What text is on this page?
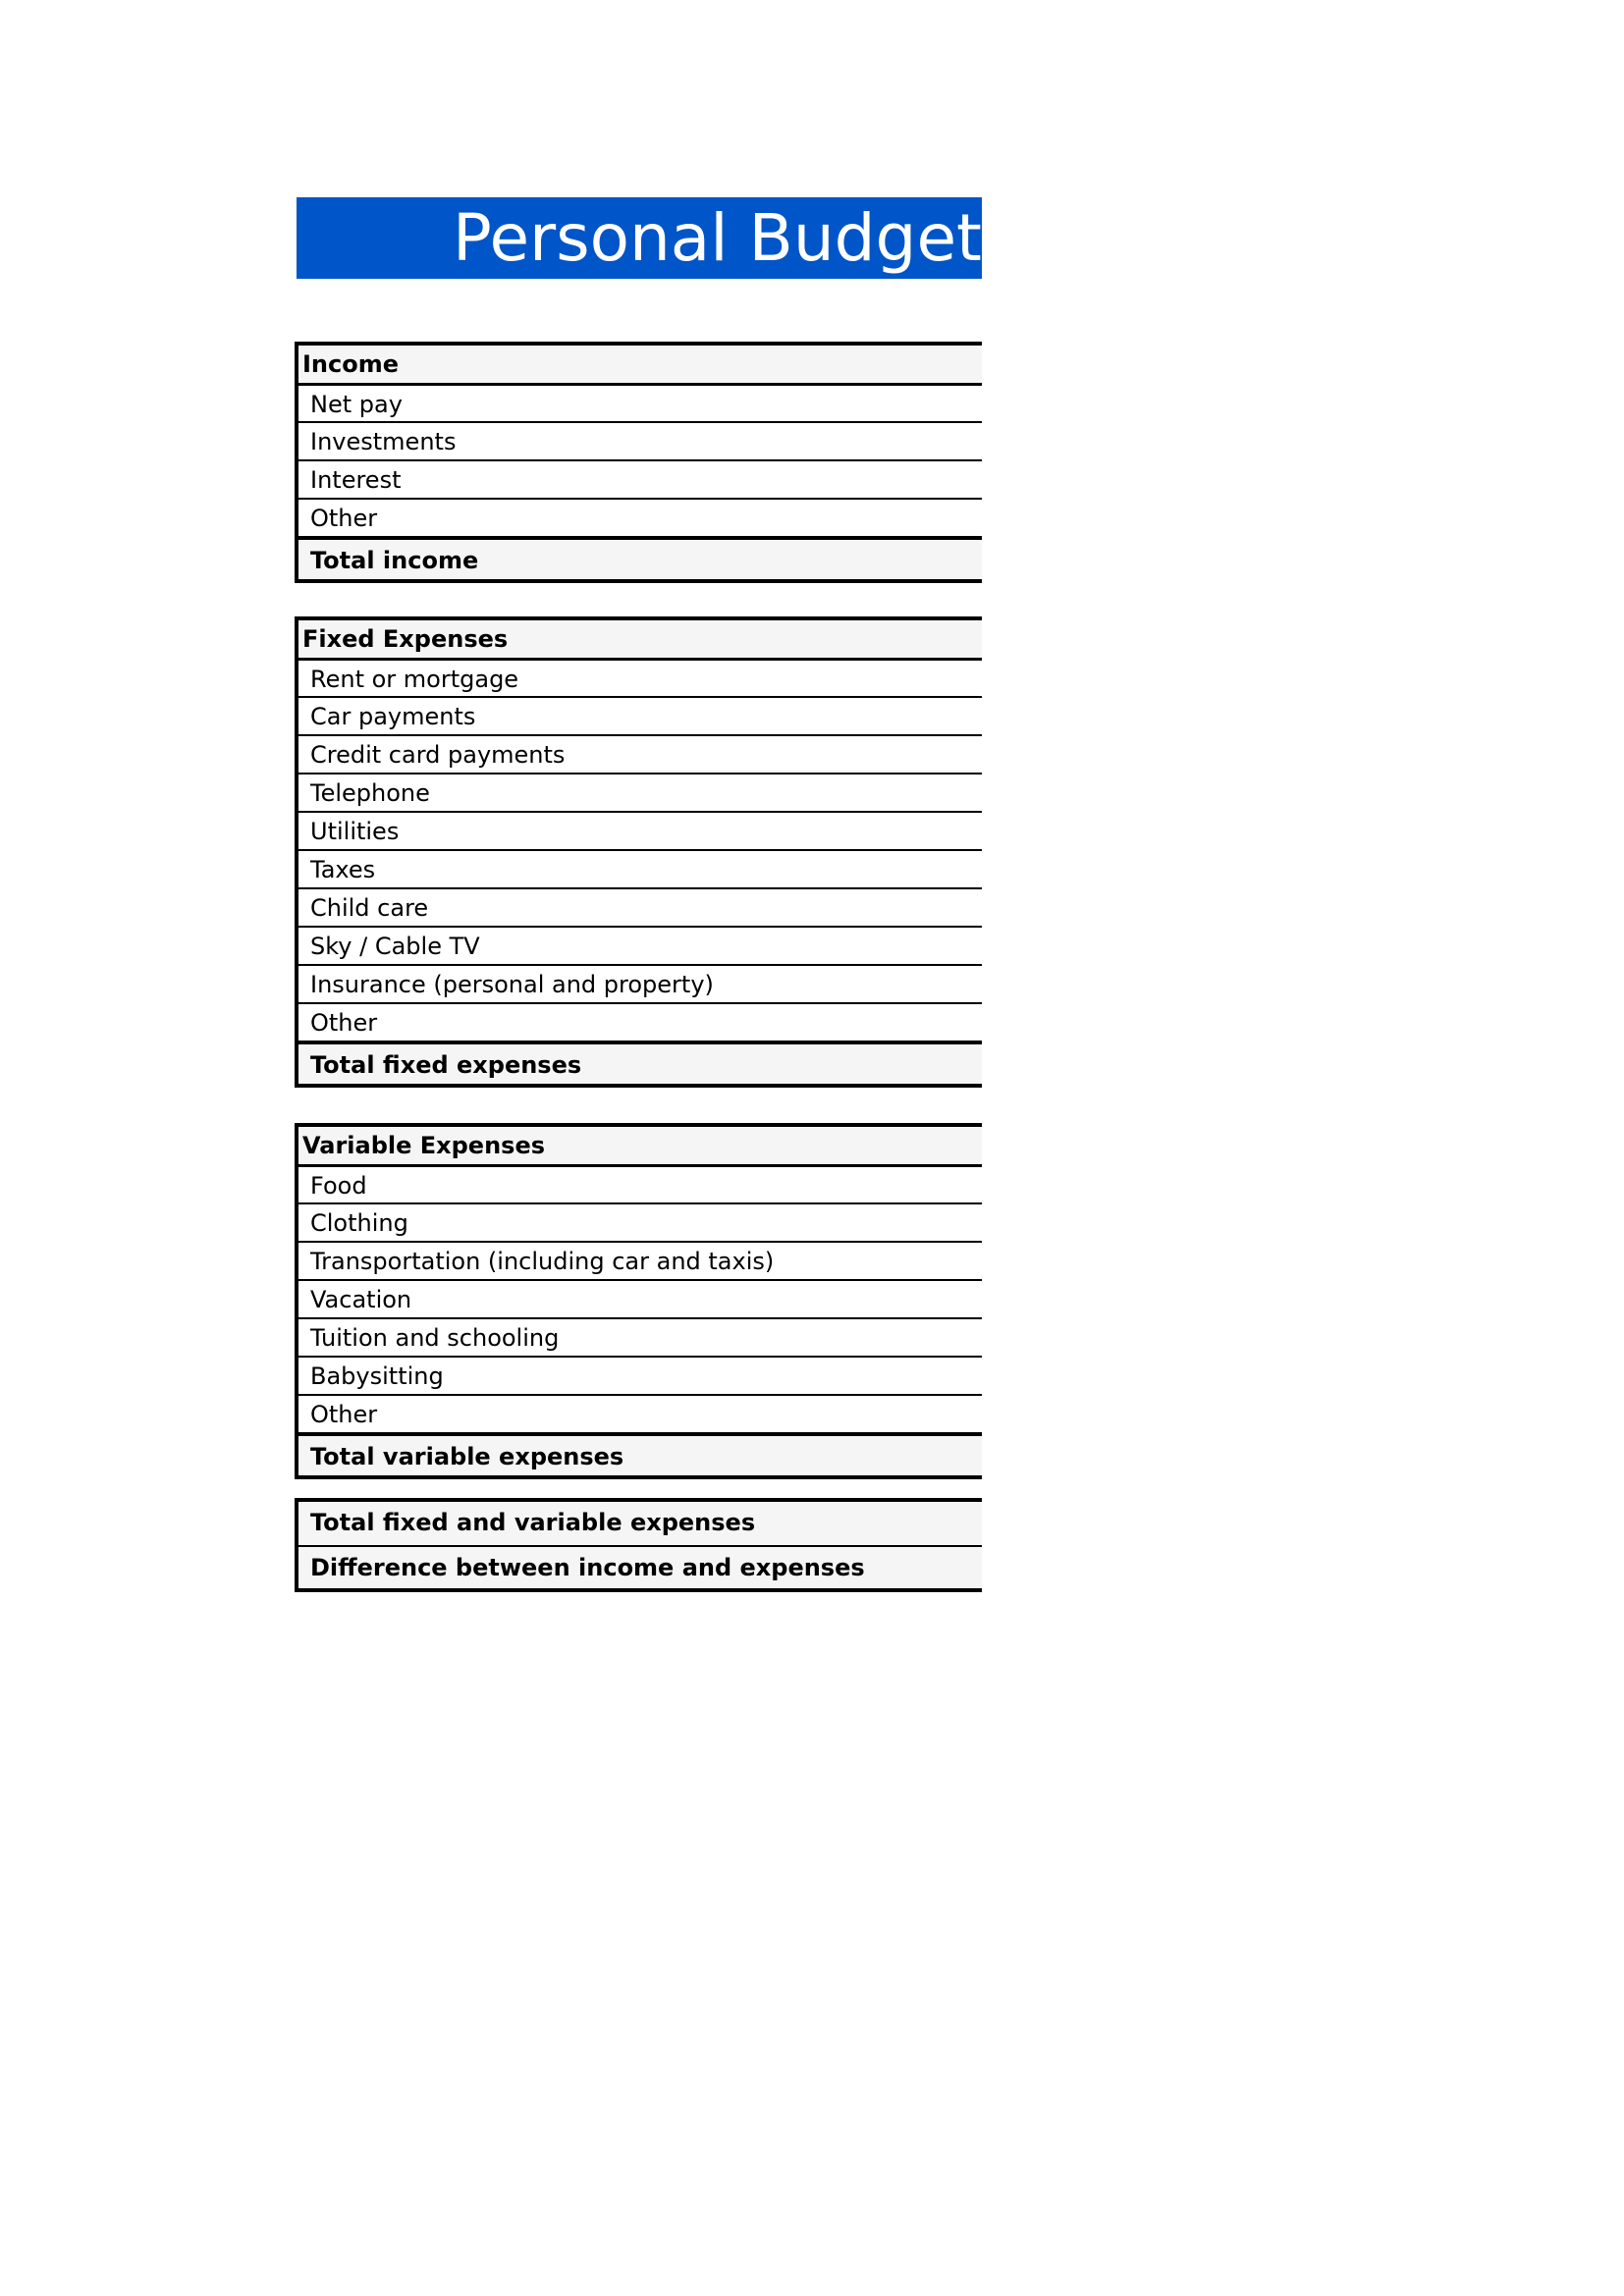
Personal Budget P
Income
Net pay
Investments
Interest
Other
Total income
Fixed Expenses
Rent or mortgage
Car payments
Credit card payments
Telephone
Utilities
Taxes
Child care
Sky / Cable TV
Insurance (personal and property)
Other
Total fixed expenses
Variable Expenses
Food
Clothing
Transportation (including car and taxis)
Vacation
Tuition and schooling
Babysitting
Other
Total variable expenses
Total fixed and variable expenses
Difference between income and expenses
